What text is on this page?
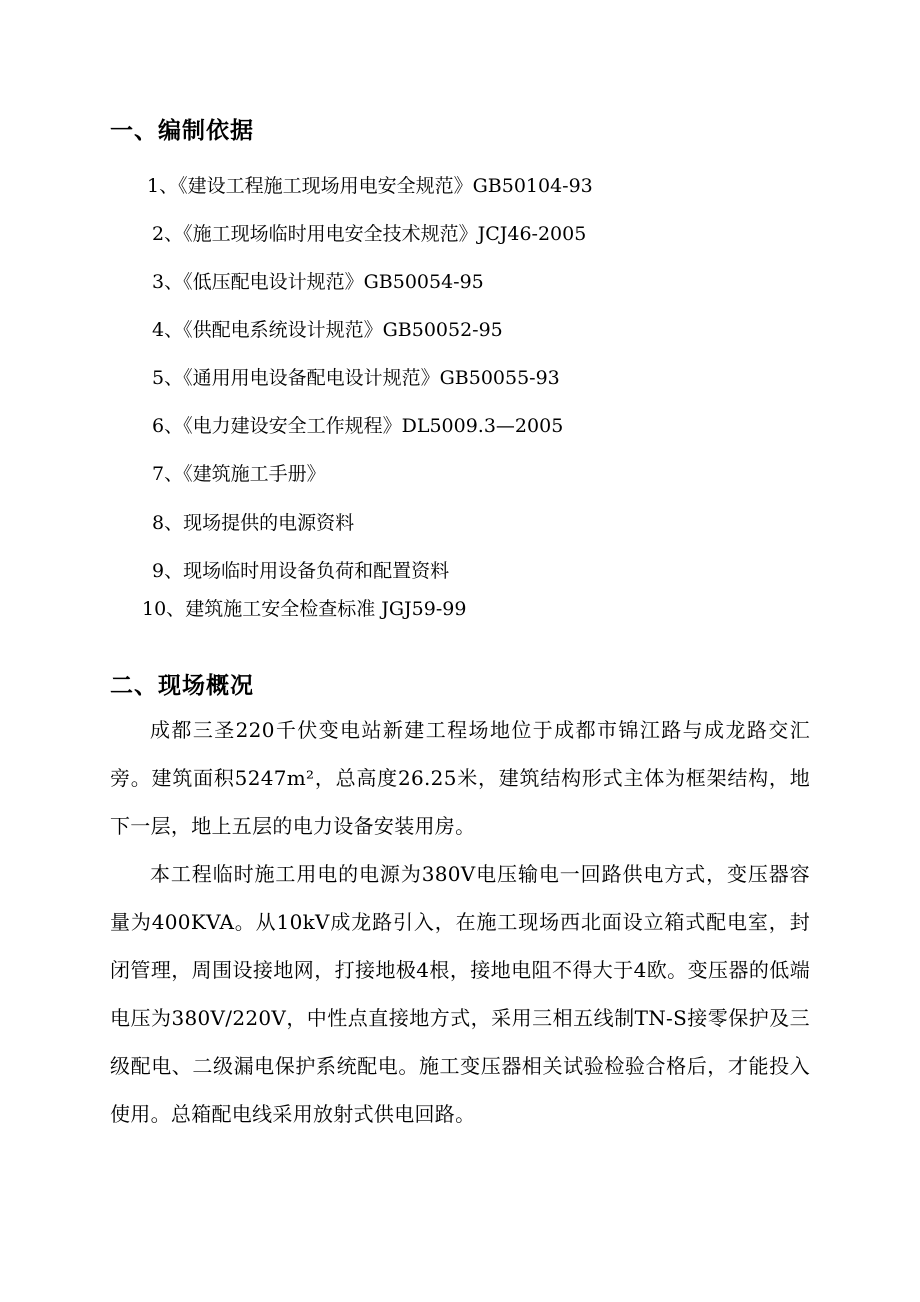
一、编制依据
1、《建设工程施工现场用电安全规范》GB50104-93
2、《施工现场临时用电安全技术规范》JCJ46-2005
3、《低压配电设计规范》GB50054-95
4、《供配电系统设计规范》GB50052-95
5、《通用用电设备配电设计规范》GB50055-93
6、《电力建设安全工作规程》DL5009.3—2005
7、《建筑施工手册》
8、现场提供的电源资料
9、现场临时用设备负荷和配置资料
10、建筑施工安全检查标准 JGJ59-99
二、现场概况
成都三圣220千伏变电站新建工程场地位于成都市锦江路与成龙路交汇旁。建筑面积5247m²，总高度26.25米，建筑结构形式主体为框架结构，地下一层，地上五层的电力设备安装用房。
本工程临时施工用电的电源为380V电压输电一回路供电方式，变压器容量为400KVA。从10kV成龙路引入，在施工现场西北面设立箱式配电室，封闭管理，周围设接地网，打接地极4根，接地电阻不得大于4欧。变压器的低端电压为380V/220V，中性点直接地方式，采用三相五线制TN-S接零保护及三级配电、二级漏电保护系统配电。施工变压器相关试验检验合格后，才能投入使用。总箱配电线采用放射式供电回路。
